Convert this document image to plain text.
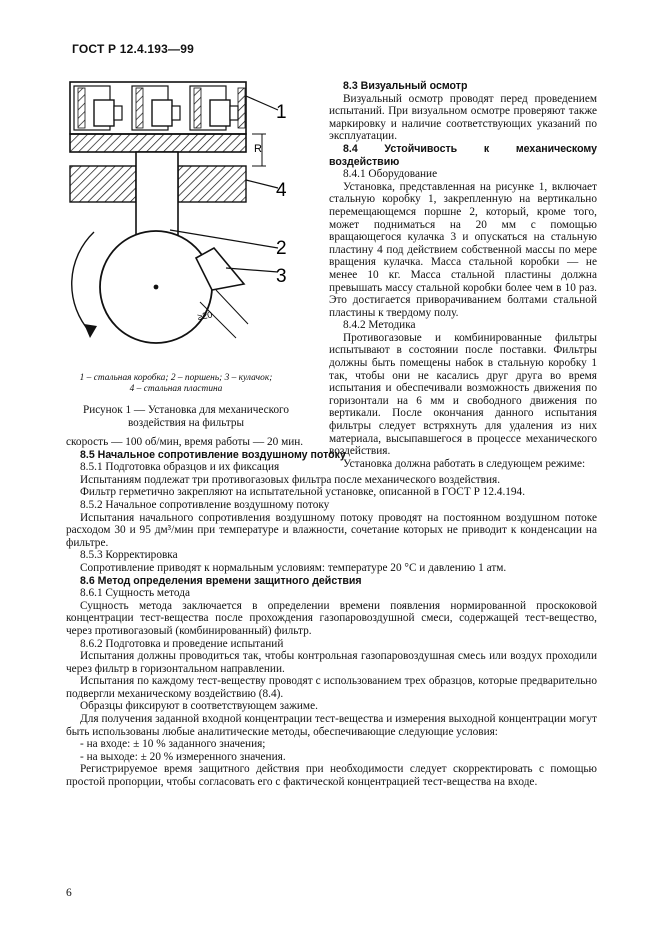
ГОСТ Р 12.4.193—99
R
≥20
1
2
3
4
1 – стальная коробка; 2 – поршень; 3 – кулачок;
4 – стальная пластина
Рисунок 1 — Установка для механического
воздействия на фильтры

8.3 Визуальный осмотр

Визуальный осмотр проводят перед проведением испытаний. При визуальном осмотре проверяют также маркировку и наличие соответствующих указаний по эксплуатации.

8.4 Устойчивость к механическому воздействию

8.4.1 Оборудование

Установка, представленная на рисунке 1, включает стальную коробку 1, закрепленную на вертикально перемещающемся поршне 2, который, кроме того, может подниматься на 20 мм с помощью вращающегося кулачка 3 и опускаться на стальную пластину 4 под действием собственной массы по мере вращения кулачка. Масса стальной коробки — не менее 10 кг. Масса стальной пластины должна превышать массу стальной коробки более чем в 10 раз. Это достигается приворачиванием болтами стальной пластины к твердому полу.

8.4.2 Методика

Противогазовые и комбинированные фильтры испытывают в состоянии после поставки. Фильтры должны быть помещены набок в стальную коробку 1 так, чтобы они не касались друг друга во время испытания и обеспечивали возможность движения по горизонтали на 6 мм и свободного движения по вертикали. После окончания данного испытания фильтры следует встряхнуть для удаления из них материала, высыпавшегося в процессе механического воздействия.

Установка должна работать в следующем режиме:

скорость — 100 об/мин, время работы — 20 мин.

8.5 Начальное сопротивление воздушному потоку

8.5.1 Подготовка образцов и их фиксация

Испытаниям подлежат три противогазовых фильтра после механического воздействия.

Фильтр герметично закрепляют на испытательной установке, описанной в ГОСТ Р 12.4.194.

8.5.2 Начальное сопротивление воздушному потоку

Испытания начального сопротивления воздушному потоку проводят на постоянном воздушном потоке расходом 30 и 95 дм³/мин при температуре и влажности, сочетание которых не приводит к конденсации на фильтре.

8.5.3 Корректировка

Сопротивление приводят к нормальным условиям: температуре 20 °С и давлению 1 атм.

8.6 Метод определения времени защитного действия

8.6.1 Сущность метода

Сущность метода заключается в определении времени появления нормированной проскоковой концентрации тест-вещества после прохождения газопаровоздушной смеси, содержащей тест-вещество, через противогазовый (комбинированный) фильтр.

8.6.2 Подготовка и проведение испытаний

Испытания должны проводиться так, чтобы контрольная газопаровоздушная смесь или воздух проходили через фильтр в горизонтальном направлении.

Испытания по каждому тест-веществу проводят с использованием трех образцов, которые предварительно подвергли механическому воздействию (8.4).

Образцы фиксируют в соответствующем зажиме.

Для получения заданной входной концентрации тест-вещества и измерения выходной концентрации могут быть использованы любые аналитические методы, обеспечивающие следующие условия:

- на входе: ± 10 % заданного значения;

- на выходе: ± 20 % измеренного значения.

Регистрируемое время защитного действия при необходимости следует скорректировать с помощью простой пропорции, чтобы согласовать его с фактической концентрацией тест-вещества на входе.

6
